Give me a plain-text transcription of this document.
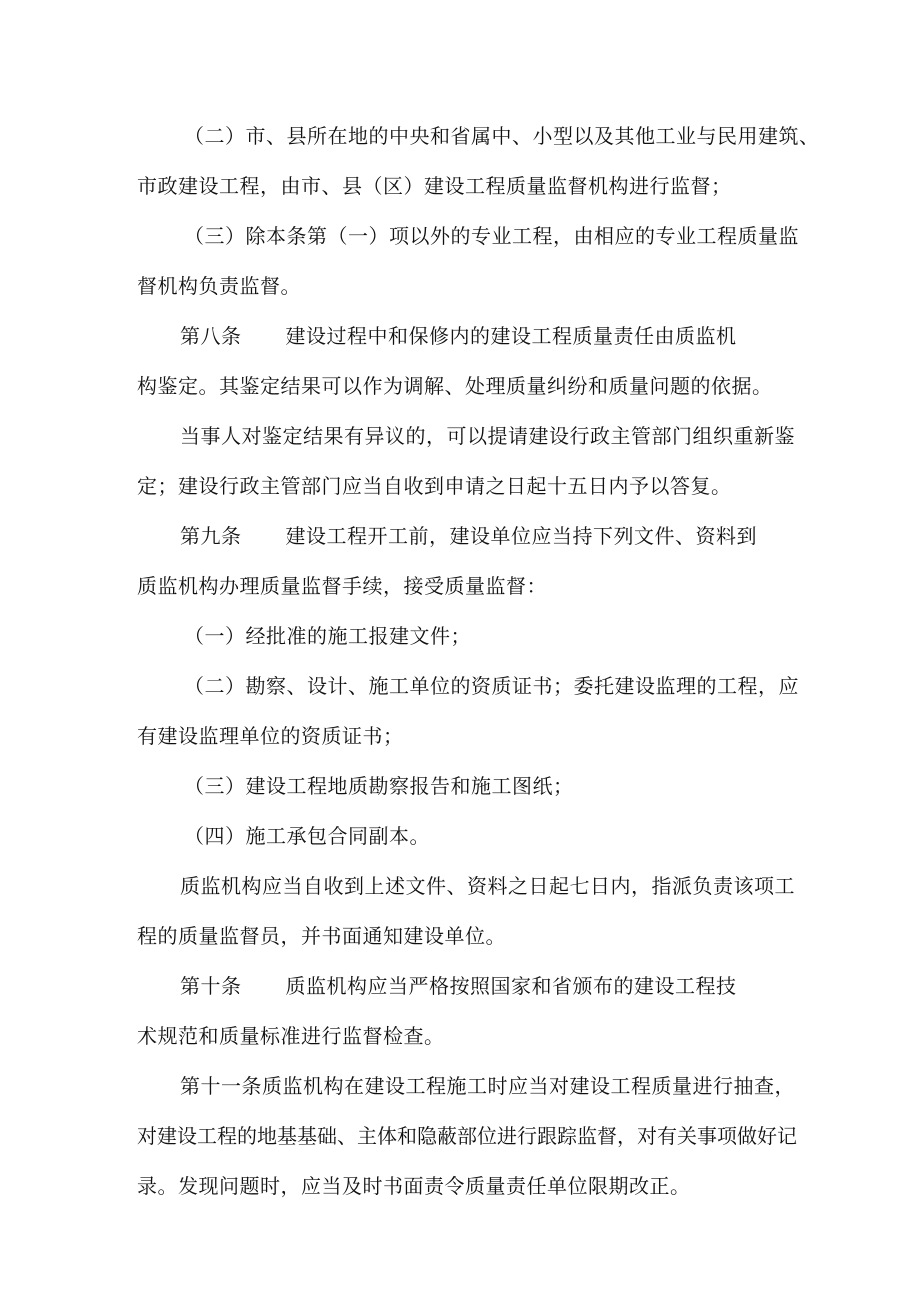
（二）市、县所在地的中央和省属中、小型以及其他工业与民用建筑、
市政建设工程，由市、县（区）建设工程质量监督机构进行监督；
（三）除本条第（一）项以外的专业工程，由相应的专业工程质量监
督机构负责监督。
第八条 建设过程中和保修内的建设工程质量责任由质监机
构鉴定。其鉴定结果可以作为调解、处理质量纠纷和质量问题的依据。
当事人对鉴定结果有异议的，可以提请建设行政主管部门组织重新鉴
定；建设行政主管部门应当自收到申请之日起十五日内予以答复。
第九条 建设工程开工前，建设单位应当持下列文件、资料到
质监机构办理质量监督手续，接受质量监督：
（一）经批准的施工报建文件；
（二）勘察、设计、施工单位的资质证书；委托建设监理的工程，应
有建设监理单位的资质证书；
（三）建设工程地质勘察报告和施工图纸；
（四）施工承包合同副本。
质监机构应当自收到上述文件、资料之日起七日内，指派负责该项工
程的质量监督员，并书面通知建设单位。
第十条 质监机构应当严格按照国家和省颁布的建设工程技
术规范和质量标准进行监督检查。
第十一条质监机构在建设工程施工时应当对建设工程质量进行抽查，
对建设工程的地基基础、主体和隐蔽部位进行跟踪监督，对有关事项做好记
录。发现问题时，应当及时书面责令质量责任单位限期改正。
